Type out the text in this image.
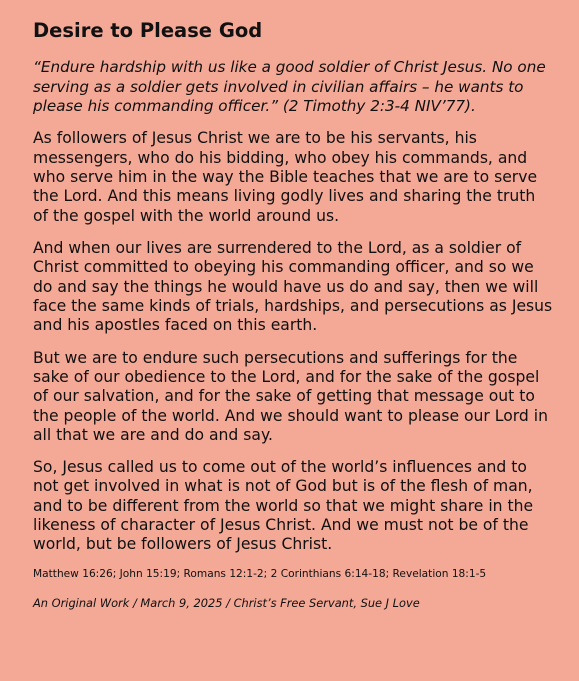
Desire to Please God

“Endure hardship with us like a good soldier of Christ Jesus. No one serving as a soldier gets involved in civilian affairs – he wants to please his commanding officer.” (2 Timothy 2:3-4 NIV’77).

As followers of Jesus Christ we are to be his servants, his messengers, who do his bidding, who obey his commands, and who serve him in the way the Bible teaches that we are to serve the Lord. And this means living godly lives and sharing the truth of the gospel with the world around us.

And when our lives are surrendered to the Lord, as a soldier of Christ committed to obeying his commanding officer, and so we do and say the things he would have us do and say, then we will face the same kinds of trials, hardships, and persecutions as Jesus and his apostles faced on this earth.

But we are to endure such persecutions and sufferings for the sake of our obedience to the Lord, and for the sake of the gospel of our salvation, and for the sake of getting that message out to the people of the world. And we should want to please our Lord in all that we are and do and say.

So, Jesus called us to come out of the world’s influences and to not get involved in what is not of God but is of the flesh of man, and to be different from the world so that we might share in the likeness of character of Jesus Christ. And we must not be of the world, but be followers of Jesus Christ.

Matthew 16:26; John 15:19; Romans 12:1-2; 2 Corinthians 6:14-18; Revelation 18:1-5

An Original Work / March 9, 2025 / Christ’s Free Servant, Sue J Love
